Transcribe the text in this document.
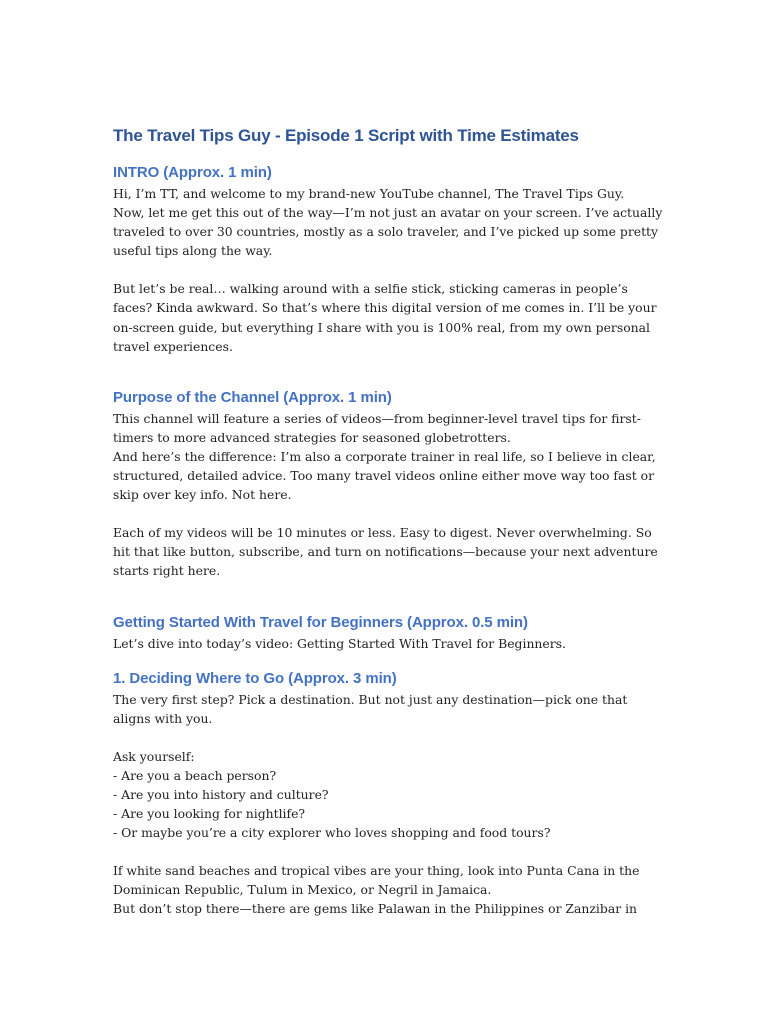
The Travel Tips Guy - Episode 1 Script with Time Estimates
INTRO (Approx. 1 min)

Hi, I’m TT, and welcome to my brand-new YouTube channel, The Travel Tips Guy.

Now, let me get this out of the way—I’m not just an avatar on your screen. I’ve actually traveled to over 30 countries, mostly as a solo traveler, and I’ve picked up some pretty useful tips along the way.

But let’s be real… walking around with a selfie stick, sticking cameras in people’s faces? Kinda awkward. So that’s where this digital version of me comes in. I’ll be your on-screen guide, but everything I share with you is 100% real, from my own personal travel experiences.

Purpose of the Channel (Approx. 1 min)

This channel will feature a series of videos—from beginner-level travel tips for first-timers to more advanced strategies for seasoned globetrotters.

And here’s the difference: I’m also a corporate trainer in real life, so I believe in clear, structured, detailed advice. Too many travel videos online either move way too fast or skip over key info. Not here.

Each of my videos will be 10 minutes or less. Easy to digest. Never overwhelming. So hit that like button, subscribe, and turn on notifications—because your next adventure starts right here.

Getting Started With Travel for Beginners (Approx. 0.5 min)

Let’s dive into today’s video: Getting Started With Travel for Beginners.

1. Deciding Where to Go (Approx. 3 min)

The very first step? Pick a destination. But not just any destination—pick one that aligns with you.

Ask yourself:

- Are you a beach person?

- Are you into history and culture?

- Are you looking for nightlife?

- Or maybe you’re a city explorer who loves shopping and food tours?

If white sand beaches and tropical vibes are your thing, look into Punta Cana in the Dominican Republic, Tulum in Mexico, or Negril in Jamaica.

But don’t stop there—there are gems like Palawan in the Philippines or Zanzibar in
